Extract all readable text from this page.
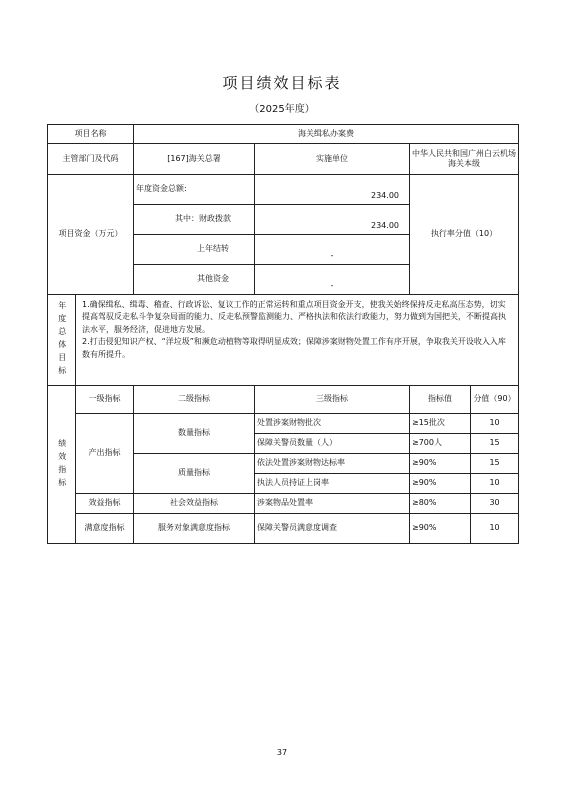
项目绩效目标表
（2025年度）
项目名称		海关缉私办案费			
主管部门及代码		[167]海关总署	实施单位	中华人民共和国广州白云机场海关本级	
项目资金（万元）		年度资金总额:	234.00	执行率分值（10）	
		其中：财政拨款	234.00		
		上年结转	-		
		其他资金	-		

年度总体目标	1.确保缉私、缉毒、稽查、行政诉讼、复议工作的正常运转和重点项目资金开支，使我关始终保持反走私高压态势，切实提高驾驭反走私斗争复杂局面的能力、反走私预警监测能力、严格执法和依法行政能力，努力做到为国把关，不断提高执法水平，服务经济，促进地方发展。
2.打击侵犯知识产权、“洋垃圾”和濒危动植物等取得明显成效；保障涉案财物处置工作有序开展，争取我关开设收入入库数有所提升。				

绩效指标	一级指标	二级指标	三级指标	指标值	分值（90）
	产出指标	数量指标	处置涉案财物批次	≥15批次	10
			保障关警员数量（人）	≥700人	15
		质量指标	依法处置涉案财物达标率	≥90%	15
			执法人员持证上岗率	≥90%	10
	效益指标	社会效益指标	涉案物品处置率	≥80%	30
	满意度指标	服务对象满意度指标	保障关警员满意度调查	≥90%	10
37
